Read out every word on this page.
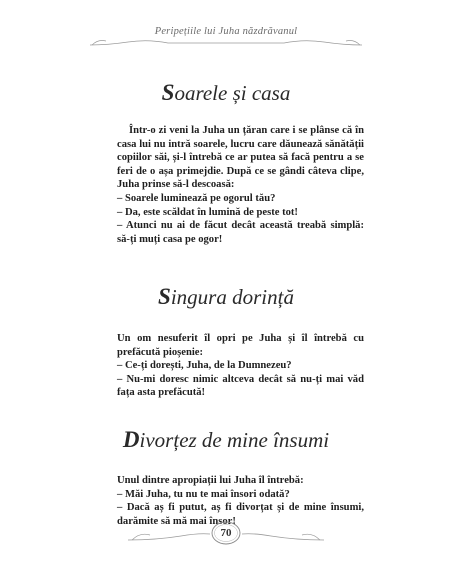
Peripețiile lui Juha năzdrăvanul
Soarele și casa

Într-o zi veni la Juha un țăran care i se plânse că în casa lui nu intră soarele, lucru care dăunează sănătății copiilor săi, și-l întrebă ce ar putea să facă pentru a se feri de o așa primejdie. După ce se gândi câteva clipe, Juha prinse să-l descoasă:

– Soarele luminează pe ogorul tău?

– Da, este scăldat în lumină de peste tot!

– Atunci nu ai de făcut decât această treabă simplă: să-ți muți casa pe ogor!

Singura dorință

Un om nesuferit îl opri pe Juha și îl întrebă cu prefăcută pioșenie:

– Ce-ți dorești, Juha, de la Dumnezeu?

– Nu-mi doresc nimic altceva decât să nu-ți mai văd fața asta prefăcută!

Divorțez de mine însumi

Unul dintre apropiații lui Juha îl întrebă:

– Măi Juha, tu nu te mai însori odată?

– Dacă aș fi putut, aș fi divorțat și de mine însumi, darămite să mă mai însor!

70
